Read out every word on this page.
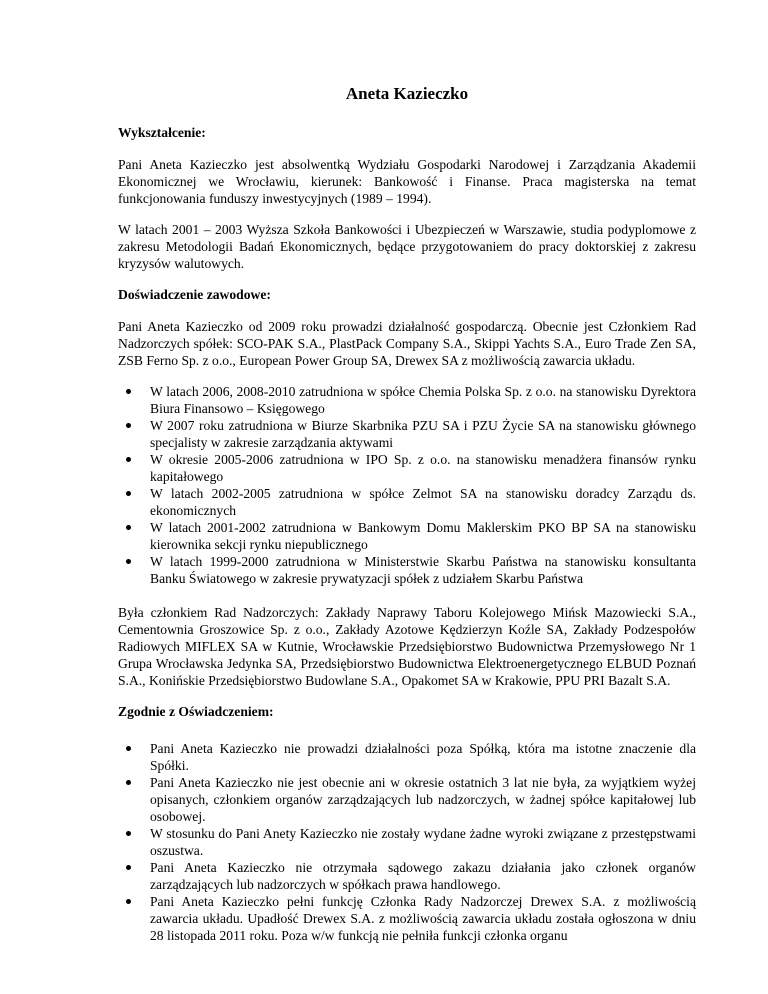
Aneta Kazieczko
Wykształcenie:

Pani Aneta Kazieczko jest absolwentką Wydziału Gospodarki Narodowej i Zarządzania Akademii Ekonomicznej we Wrocławiu, kierunek: Bankowość i Finanse. Praca magisterska na temat funkcjonowania funduszy inwestycyjnych (1989 – 1994).

W latach 2001 – 2003 Wyższa Szkoła Bankowości i Ubezpieczeń w Warszawie, studia podyplomowe z zakresu Metodologii Badań Ekonomicznych, będące przygotowaniem do pracy doktorskiej z zakresu kryzysów walutowych.

Doświadczenie zawodowe:

Pani Aneta Kazieczko od 2009 roku prowadzi działalność gospodarczą. Obecnie jest Członkiem Rad Nadzorczych spółek: SCO-PAK S.A., PlastPack Company S.A., Skippi Yachts S.A., Euro Trade Zen SA, ZSB Ferno Sp. z o.o., European Power Group SA, Drewex SA z możliwością zawarcia układu.

W latach 2006, 2008-2010 zatrudniona w spółce Chemia Polska Sp. z o.o. na stanowisku Dyrektora Biura Finansowo – Księgowego
W 2007 roku zatrudniona w Biurze Skarbnika PZU SA i PZU Życie SA na stanowisku głównego specjalisty w zakresie zarządzania aktywami
W okresie 2005-2006 zatrudniona w IPO Sp. z o.o. na stanowisku menadżera finansów rynku kapitałowego
W latach 2002-2005 zatrudniona w spółce Zelmot SA na stanowisku doradcy Zarządu ds. ekonomicznych
W latach 2001-2002 zatrudniona w Bankowym Domu Maklerskim PKO BP SA na stanowisku kierownika sekcji rynku niepublicznego
W latach 1999-2000 zatrudniona w Ministerstwie Skarbu Państwa na stanowisku konsultanta Banku Światowego w zakresie prywatyzacji spółek z udziałem Skarbu Państwa

Była członkiem Rad Nadzorczych: Zakłady Naprawy Taboru Kolejowego Mińsk Mazowiecki S.A., Cementownia Groszowice Sp. z o.o., Zakłady Azotowe Kędzierzyn Koźle SA, Zakłady Podzespołów Radiowych MIFLEX SA w Kutnie, Wrocławskie Przedsiębiorstwo Budownictwa Przemysłowego Nr 1 Grupa Wrocławska Jedynka SA, Przedsiębiorstwo Budownictwa Elektroenergetycznego ELBUD Poznań S.A., Konińskie Przedsiębiorstwo Budowlane S.A., Opakomet SA w Krakowie, PPU PRI Bazalt S.A.

Zgodnie z Oświadczeniem:
Pani Aneta Kazieczko nie prowadzi działalności poza Spółką, która ma istotne znaczenie dla Spółki.
Pani Aneta Kazieczko nie jest obecnie ani w okresie ostatnich 3 lat nie była, za wyjątkiem wyżej opisanych, członkiem organów zarządzających lub nadzorczych, w żadnej spółce kapitałowej lub osobowej.
W stosunku do Pani Anety Kazieczko nie zostały wydane żadne wyroki związane z przestępstwami oszustwa.
Pani Aneta Kazieczko nie otrzymała sądowego zakazu działania jako członek organów zarządzających lub nadzorczych w spółkach prawa handlowego.
Pani Aneta Kazieczko pełni funkcję Członka Rady Nadzorczej Drewex S.A. z możliwością zawarcia układu. Upadłość Drewex S.A. z możliwością zawarcia układu została ogłoszona w dniu 28 listopada 2011 roku. Poza w/w funkcją nie pełniła funkcji członka organu
